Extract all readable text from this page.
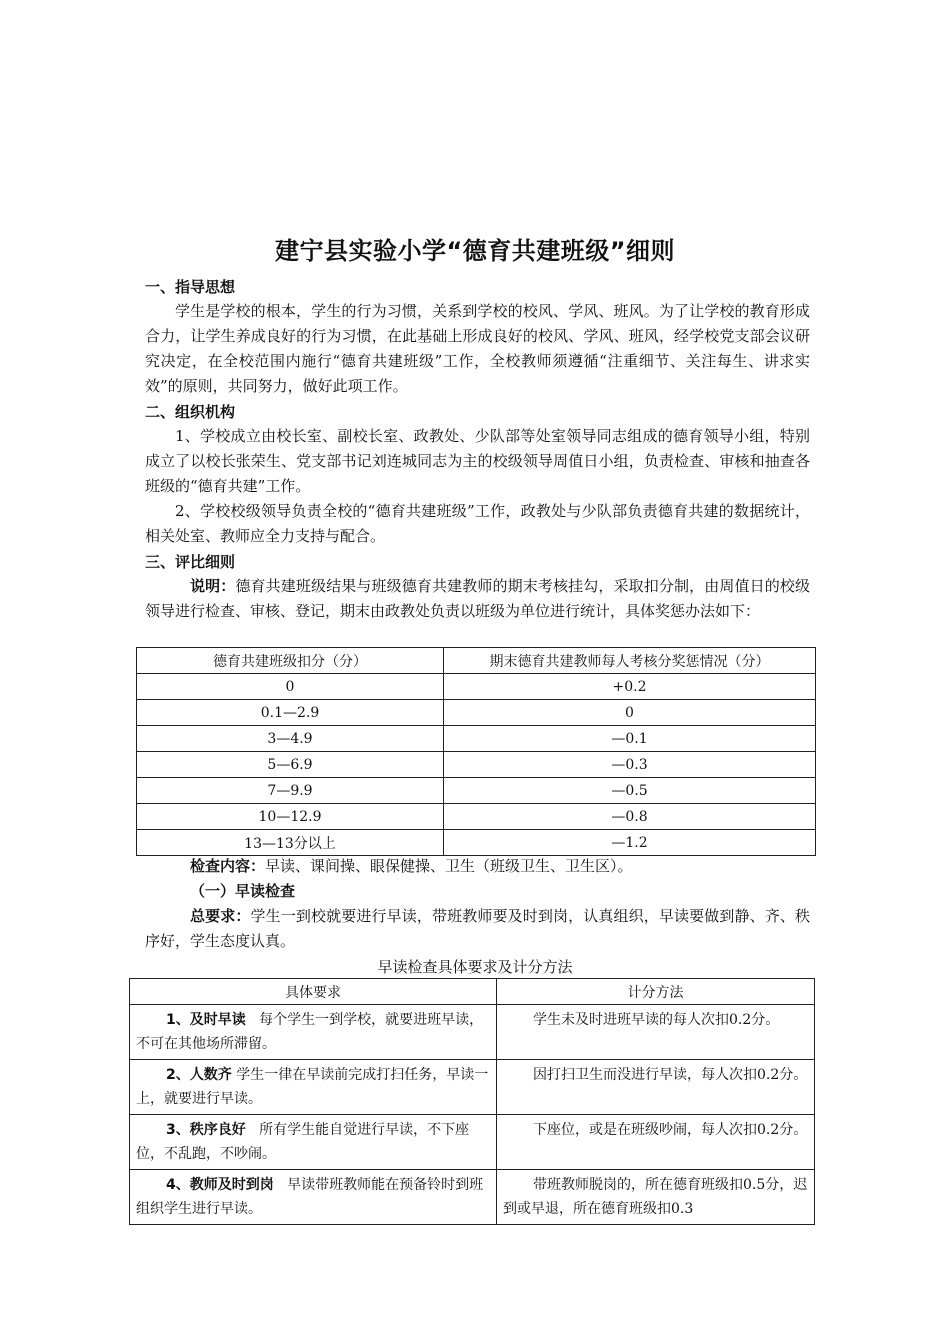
建宁县实验小学“德育共建班级”细则
一、指导思想

学生是学校的根本，学生的行为习惯，关系到学校的校风、学风、班风。为了让学校的教育形成合力，让学生养成良好的行为习惯，在此基础上形成良好的校风、学风、班风，经学校党支部会议研究决定，在全校范围内施行“德育共建班级”工作，全校教师须遵循“注重细节、关注每生、讲求实效”的原则，共同努力，做好此项工作。

二、组织机构

1、学校成立由校长室、副校长室、政教处、少队部等处室领导同志组成的德育领导小组，特别成立了以校长张荣生、党支部书记刘连城同志为主的校级领导周值日小组，负责检查、审核和抽查各班级的“德育共建”工作。

2、学校校级领导负责全校的“德育共建班级”工作，政教处与少队部负责德育共建的数据统计，相关处室、教师应全力支持与配合。

三、评比细则

说明：德育共建班级结果与班级德育共建教师的期末考核挂勾，采取扣分制，由周值日的校级领导进行检查、审核、登记，期末由政教处负责以班级为单位进行统计，具体奖惩办法如下：

德育共建班级扣分（分）	期末德育共建教师每人考核分奖惩情况（分）
0	+0.2
0.1—2.9	0
3—4.9	—0.1
5—6.9	—0.3
7—9.9	—0.5
10—12.9	—0.8
13—13分以上	—1.2

检查内容：早读、课间操、眼保健操、卫生（班级卫生、卫生区）。

（一）早读检查

总要求：学生一到校就要进行早读，带班教师要及时到岗，认真组织，早读要做到静、齐、秩序好，学生态度认真。

早读检查具体要求及计分方法
具体要求	计分方法
1、及时早读 每个学生一到学校，就要进班早读，不可在其他场所滞留。	学生未及时进班早读的每人次扣0.2分。
2、人数齐 学生一律在早读前完成打扫任务，早读一上，就要进行早读。	因打扫卫生而没进行早读，每人次扣0.2分。
3、秩序良好 所有学生能自觉进行早读，不下座位，不乱跑，不吵闹。	下座位，或是在班级吵闹，每人次扣0.2分。
4、教师及时到岗 早读带班教师能在预备铃时到班组织学生进行早读。	带班教师脱岗的，所在德育班级扣0.5分，迟到或早退，所在德育班级扣0.3
